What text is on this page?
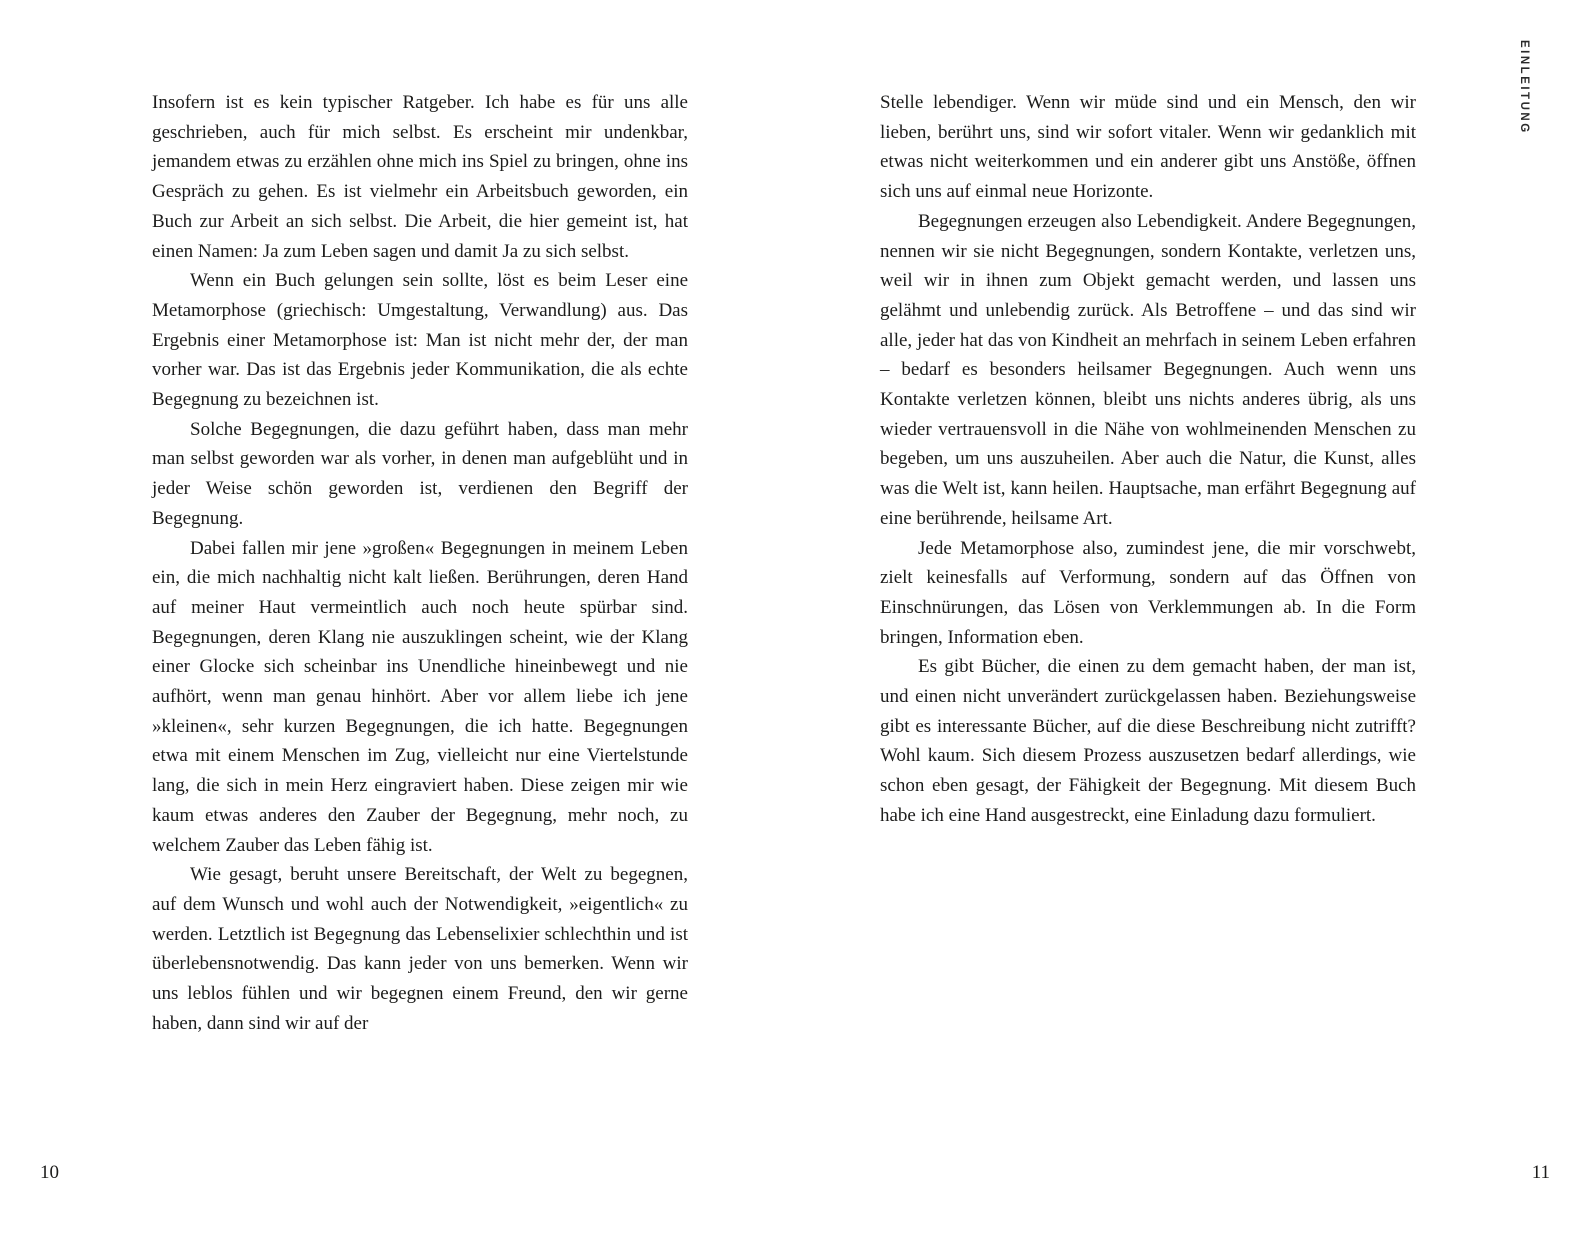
Insofern ist es kein typischer Ratgeber. Ich habe es für uns alle geschrieben, auch für mich selbst. Es erscheint mir undenkbar, jemandem etwas zu erzählen ohne mich ins Spiel zu bringen, ohne ins Gespräch zu gehen. Es ist vielmehr ein Arbeitsbuch geworden, ein Buch zur Arbeit an sich selbst. Die Arbeit, die hier gemeint ist, hat einen Namen: Ja zum Leben sagen und damit Ja zu sich selbst.

Wenn ein Buch gelungen sein sollte, löst es beim Leser eine Metamorphose (griechisch: Umgestaltung, Verwandlung) aus. Das Ergebnis einer Metamorphose ist: Man ist nicht mehr der, der man vorher war. Das ist das Ergebnis jeder Kommunikation, die als echte Begegnung zu bezeichnen ist.

Solche Begegnungen, die dazu geführt haben, dass man mehr man selbst geworden war als vorher, in denen man aufgeblüht und in jeder Weise schön geworden ist, verdienen den Begriff der Begegnung.

Dabei fallen mir jene »großen« Begegnungen in meinem Leben ein, die mich nachhaltig nicht kalt ließen. Berührungen, deren Hand auf meiner Haut vermeintlich auch noch heute spürbar sind. Begegnungen, deren Klang nie auszuklingen scheint, wie der Klang einer Glocke sich scheinbar ins Unendliche hineinbewegt und nie aufhört, wenn man genau hinhört. Aber vor allem liebe ich jene »kleinen«, sehr kurzen Begegnungen, die ich hatte. Begegnungen etwa mit einem Menschen im Zug, vielleicht nur eine Viertelstunde lang, die sich in mein Herz eingraviert haben. Diese zeigen mir wie kaum etwas anderes den Zauber der Begegnung, mehr noch, zu welchem Zauber das Leben fähig ist.

Wie gesagt, beruht unsere Bereitschaft, der Welt zu begegnen, auf dem Wunsch und wohl auch der Notwendigkeit, »eigentlich« zu werden. Letztlich ist Begegnung das Lebenselixier schlechthin und ist überlebensnotwendig. Das kann jeder von uns bemerken. Wenn wir uns leblos fühlen und wir begegnen einem Freund, den wir gerne haben, dann sind wir auf der

10
EINLEITUNG

Stelle lebendiger. Wenn wir müde sind und ein Mensch, den wir lieben, berührt uns, sind wir sofort vitaler. Wenn wir gedanklich mit etwas nicht weiterkommen und ein anderer gibt uns Anstöße, öffnen sich uns auf einmal neue Horizonte.

Begegnungen erzeugen also Lebendigkeit. Andere Begegnungen, nennen wir sie nicht Begegnungen, sondern Kontakte, verletzen uns, weil wir in ihnen zum Objekt gemacht werden, und lassen uns gelähmt und unlebendig zurück. Als Betroffene – und das sind wir alle, jeder hat das von Kindheit an mehrfach in seinem Leben erfahren – bedarf es besonders heilsamer Begegnungen. Auch wenn uns Kontakte verletzen können, bleibt uns nichts anderes übrig, als uns wieder vertrauensvoll in die Nähe von wohlmeinenden Menschen zu begeben, um uns auszuheilen. Aber auch die Natur, die Kunst, alles was die Welt ist, kann heilen. Hauptsache, man erfährt Begegnung auf eine berührende, heilsame Art.

Jede Metamorphose also, zumindest jene, die mir vorschwebt, zielt keinesfalls auf Verformung, sondern auf das Öffnen von Einschnürungen, das Lösen von Verklemmungen ab. In die Form bringen, Information eben.

Es gibt Bücher, die einen zu dem gemacht haben, der man ist, und einen nicht unverändert zurückgelassen haben. Beziehungsweise gibt es interessante Bücher, auf die diese Beschreibung nicht zutrifft? Wohl kaum. Sich diesem Prozess auszusetzen bedarf allerdings, wie schon eben gesagt, der Fähigkeit der Begegnung. Mit diesem Buch habe ich eine Hand ausgestreckt, eine Einladung dazu formuliert.

11
